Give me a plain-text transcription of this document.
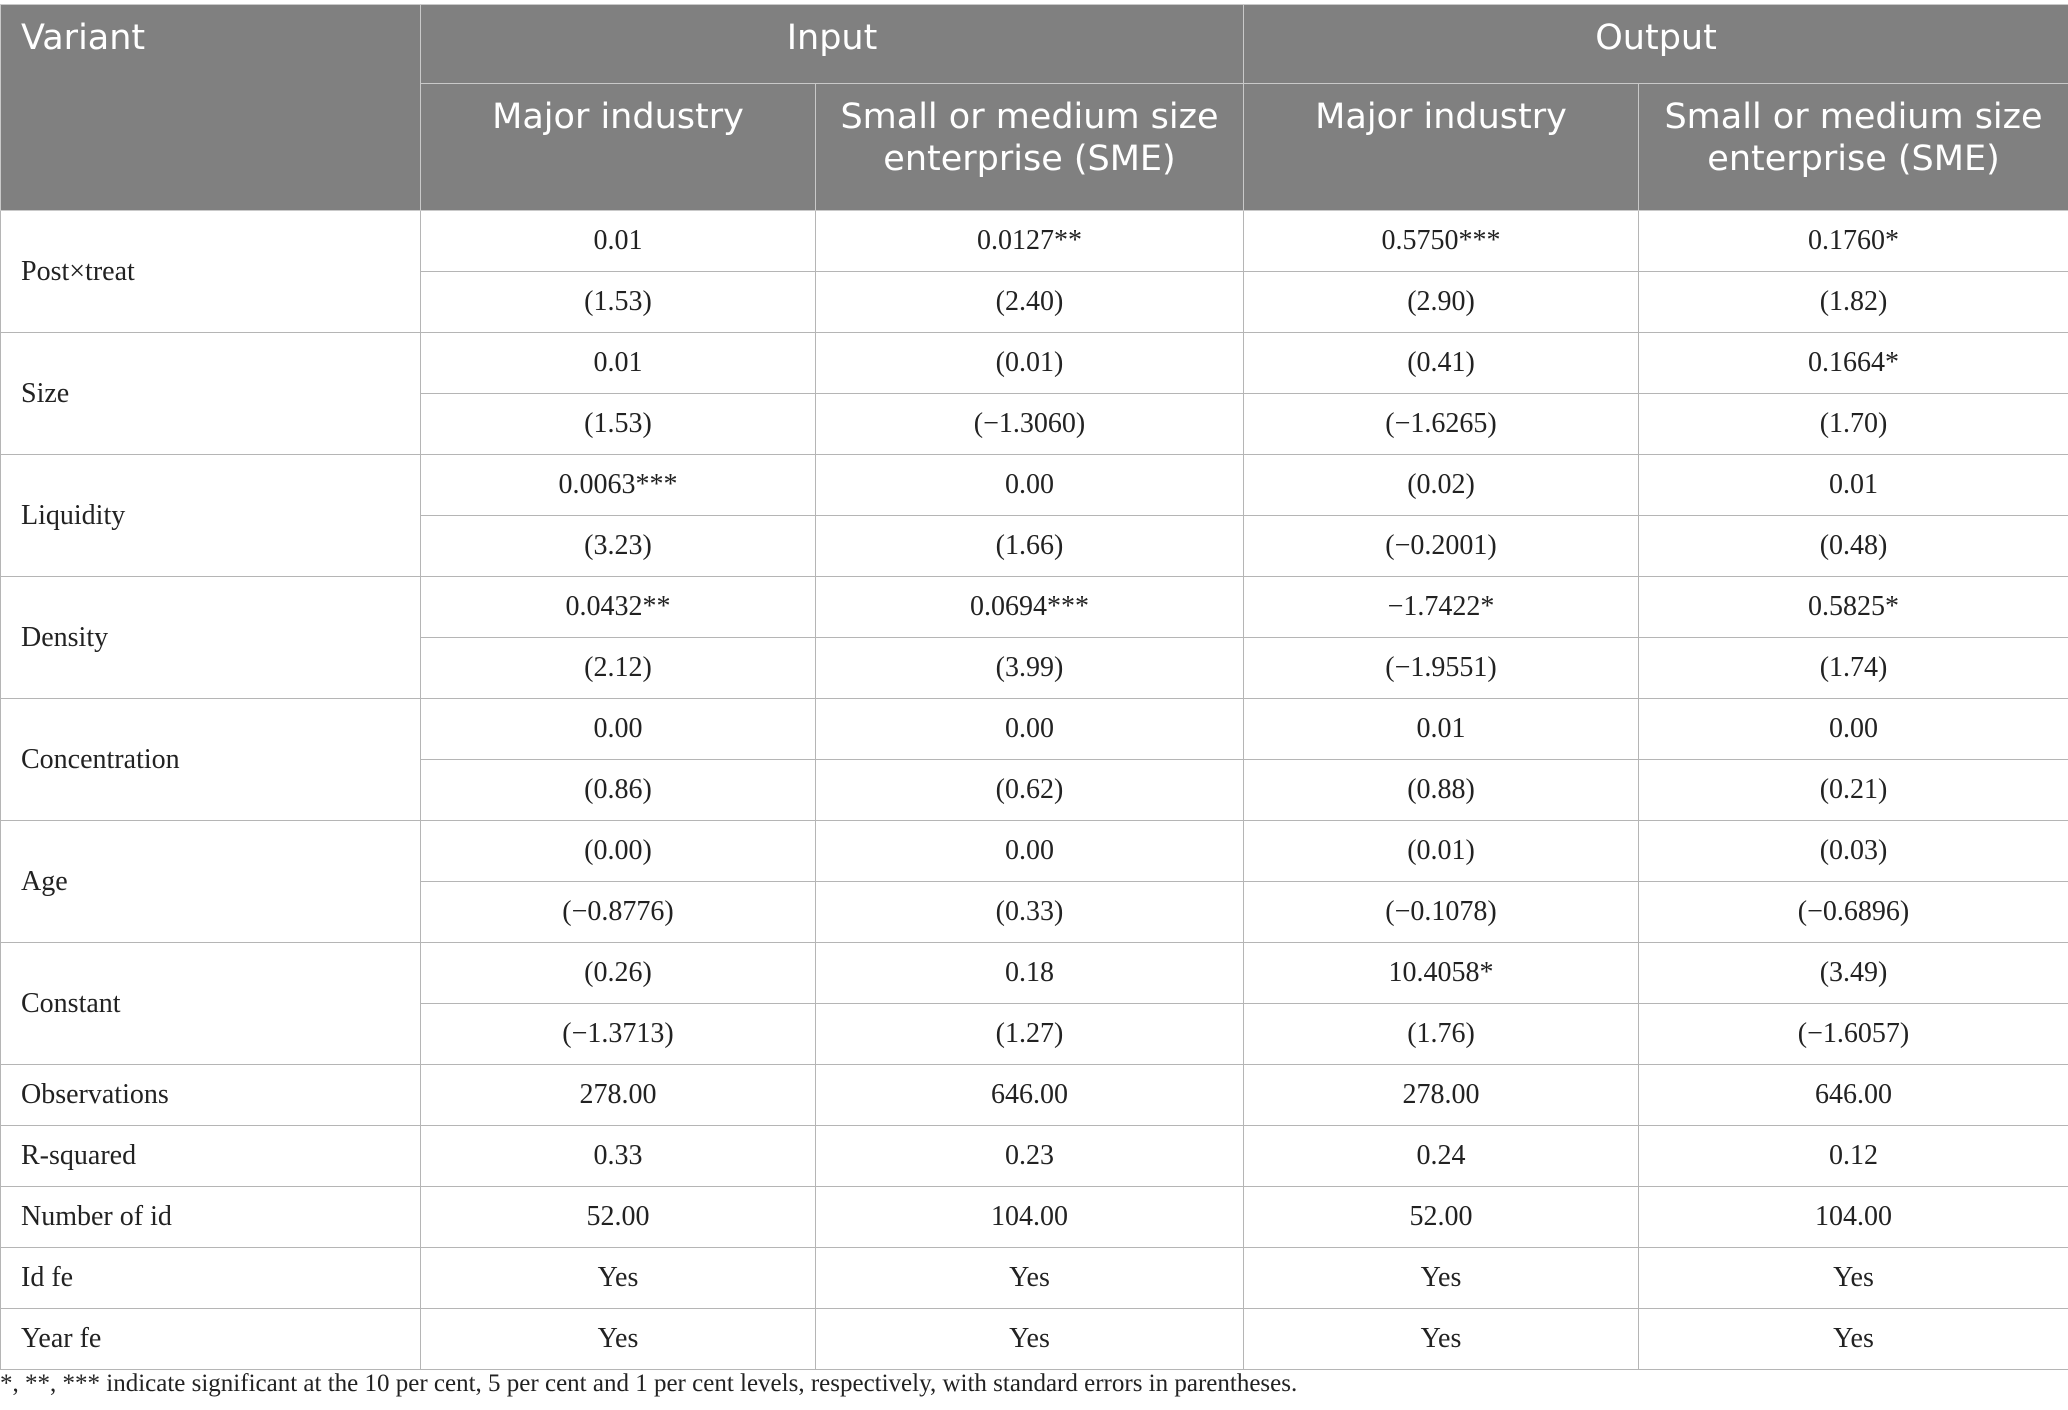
Variant	Input		Output	
	Major industry	Small or medium size enterprise (SME)	Major industry	Small or medium size enterprise (SME)
Post×treat	0.01	0.0127**	0.5750***	0.1760*
	(1.53)	(2.40)	(2.90)	(1.82)
Size	0.01	(0.01)	(0.41)	0.1664*
	(1.53)	(−1.3060)	(−1.6265)	(1.70)
Liquidity	0.0063***	0.00	(0.02)	0.01
	(3.23)	(1.66)	(−0.2001)	(0.48)
Density	0.0432**	0.0694***	−1.7422*	0.5825*
	(2.12)	(3.99)	(−1.9551)	(1.74)
Concentration	0.00	0.00	0.01	0.00
	(0.86)	(0.62)	(0.88)	(0.21)
Age	(0.00)	0.00	(0.01)	(0.03)
	(−0.8776)	(0.33)	(−0.1078)	(−0.6896)
Constant	(0.26)	0.18	10.4058*	(3.49)
	(−1.3713)	(1.27)	(1.76)	(−1.6057)
Observations	278.00	646.00	278.00	646.00
R-squared	0.33	0.23	0.24	0.12
Number of id	52.00	104.00	52.00	104.00
Id fe	Yes	Yes	Yes	Yes
Year fe	Yes	Yes	Yes	Yes
*, **, *** indicate significant at the 10 per cent, 5 per cent and 1 per cent levels, respectively, with standard errors in parentheses.
